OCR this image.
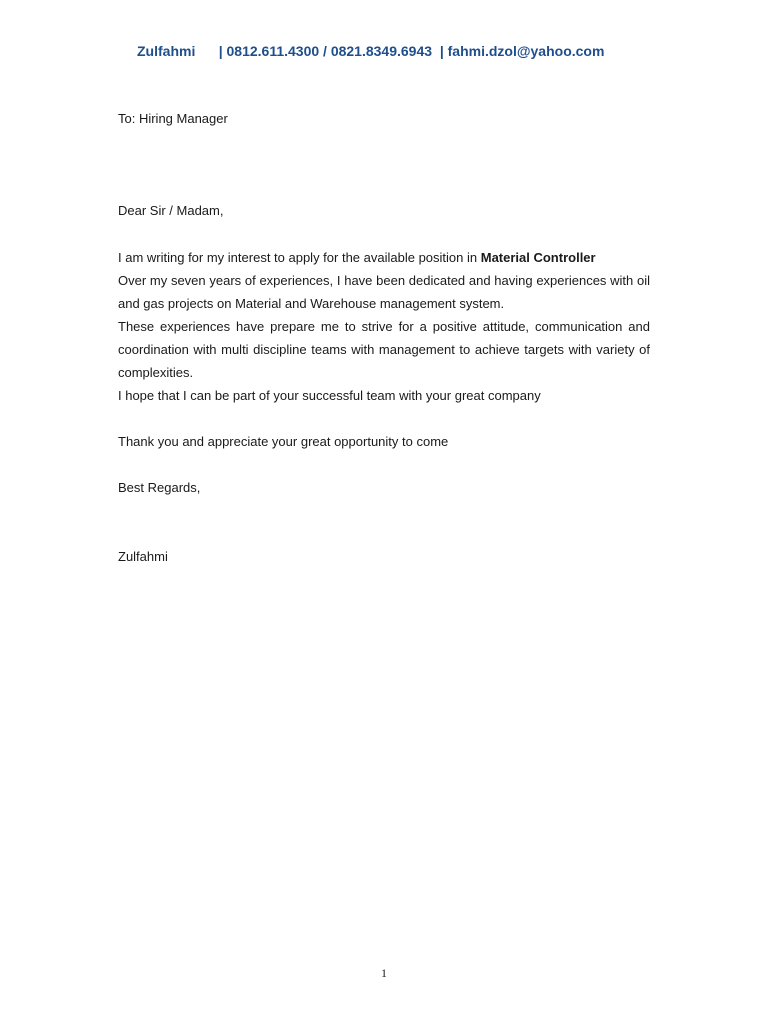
Zulfahmi | 0812.611.4300 / 0821.8349.6943 | fahmi.dzol@yahoo.com
To: Hiring Manager
Dear Sir / Madam,
I am writing for my interest to apply for the available position in Material Controller
Over my seven years of experiences, I have been dedicated and having experiences with oil
and gas projects on Material and Warehouse management system.
These experiences have prepare me to strive for a positive attitude, communication and
coordination with multi discipline teams with management to achieve targets with variety of
complexities.
I hope that I can be part of your successful team with your great company
Thank you and appreciate your great opportunity to come
Best Regards,
Zulfahmi
1
